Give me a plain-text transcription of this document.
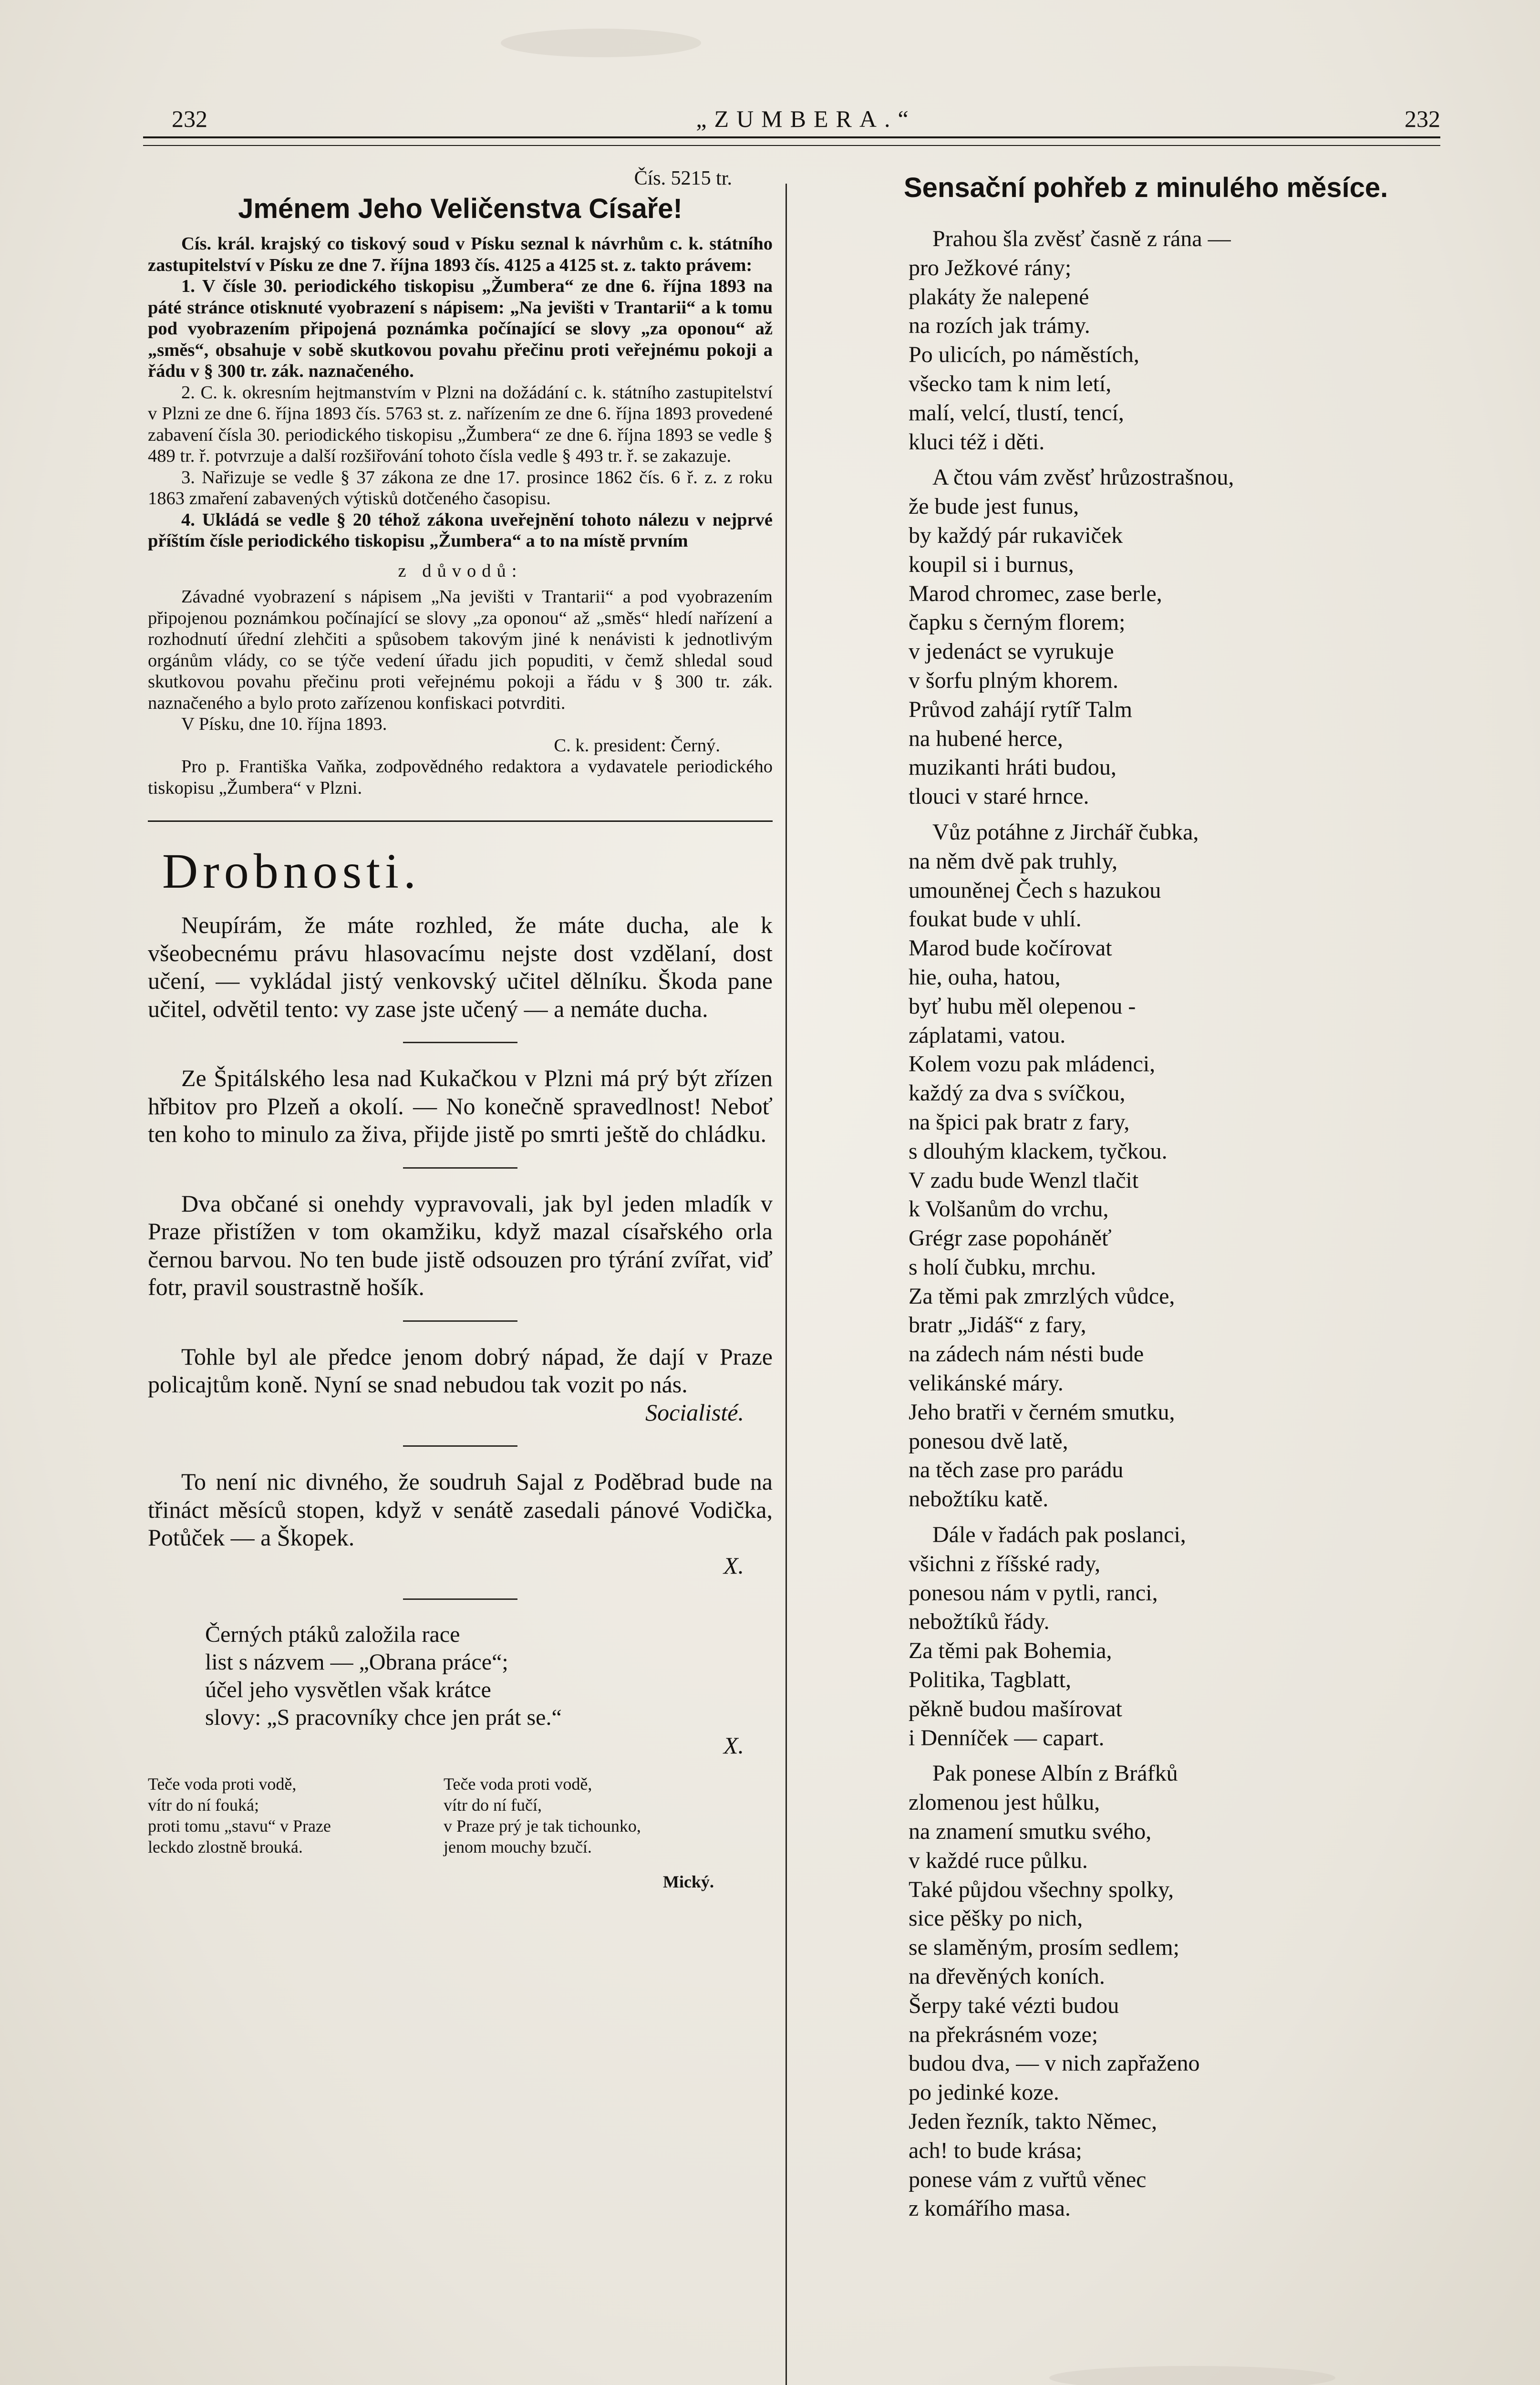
232	„ZUMBERA.“	232
Čís. 5215 tr.
Jménem Jeho Veličenstva Císaře!

Cís. král. krajský co tiskový soud v Písku seznal k návrhům c. k. státního zastupitelství v Písku ze dne 7. října 1893 čís. 4125 a 4125 st. z. takto právem:

1. V čísle 30. periodického tiskopisu „Žumbera“ ze dne 6. října 1893 na páté stránce otisknuté vyobrazení s nápisem: „Na jevišti v Trantarii“ a k tomu pod vyobrazením připojená poznámka počínající se slovy „za oponou“ až „směs“, obsahuje v sobě skutkovou povahu přečinu proti veřejnému pokoji a řádu v § 300 tr. zák. naznačeného.

2. C. k. okresním hejtmanstvím v Plzni na dožádání c. k. státního zastupitelství v Plzni ze dne 6. října 1893 čís. 5763 st. z. nařízením ze dne 6. října 1893 provedené zabavení čísla 30. periodického tiskopisu „Žumbera“ ze dne 6. října 1893 se vedle § 489 tr. ř. potvrzuje a další rozšiřování tohoto čísla vedle § 493 tr. ř. se zakazuje.

3. Nařizuje se vedle § 37 zákona ze dne 17. prosince 1862 čís. 6 ř. z. z roku 1863 zmaření zabavených výtisků dotčeného časopisu.

4. Ukládá se vedle § 20 téhož zákona uveřejnění tohoto nálezu v nejprvé příštím čísle periodického tiskopisu „Žumbera“ a to na místě prvním

z důvodů:

Závadné vyobrazení s nápisem „Na jevišti v Trantarii“ a pod vyobrazením připojenou poznámkou počínající se slovy „za oponou“ až „směs“ hledí nařízení a rozhodnutí úřední zlehčiti a spůsobem takovým jiné k nenávisti k jednotlivým orgánům vlády, co se týče vedení úřadu jich popuditi, v čemž shledal soud skutkovou povahu přečinu proti veřejnému pokoji a řádu v § 300 tr. zák. naznačeného a bylo proto zařízenou konfiskaci potvrditi.

V Písku, dne 10. října 1893.

C. k. president: Černý.

Pro p. Františka Vaňka, zodpovědného redaktora a vydavatele periodického tiskopisu „Žumbera“ v Plzni.

Drobnosti.

Neupírám, že máte rozhled, že máte ducha, ale k všeobecnému právu hlasovacímu nejste dost vzdělaní, dost učení, — vykládal jistý venkovský učitel dělníku. Škoda pane učitel, odvětil tento: vy zase jste učený — a nemáte ducha.

Ze Špitálského lesa nad Kukačkou v Plzni má prý být zřízen hřbitov pro Plzeň a okolí. — No konečně spravedlnost! Neboť ten koho to minulo za živa, přijde jistě po smrti ještě do chládku.

Dva občané si onehdy vypravovali, jak byl jeden mladík v Praze přistížen v tom okamžiku, když mazal císařského orla černou barvou. No ten bude jistě odsouzen pro týrání zvířat, viď fotr, pravil soustrastně hošík.

Tohle byl ale předce jenom dobrý nápad, že dají v Praze policajtům koně. Nyní se snad nebudou tak vozit po nás.

Socialisté.

To není nic divného, že soudruh Sajal z Poděbrad bude na třináct měsíců stopen, když v senátě zasedali pánové Vodička, Potůček — a Škopek.

X.

Černých ptáků založila race
list s názvem — „Obrana práce“;
účel jeho vysvětlen však krátce
slovy: „S pracovníky chce jen prát se.“
X.
Teče voda proti vodě,
vítr do ní fouká;
proti tomu „stavu“ v Praze
leckdo zlostně brouká.
Teče voda proti vodě,
vítr do ní fučí,
v Praze prý je tak tichounko,
jenom mouchy bzučí.
Mický.
Sensační pohřeb z minulého měsíce.
Prahou šla zvěsť časně z rána —
pro Ježkové rány;
plakáty že nalepené
na rozích jak trámy.
Po ulicích, po náměstích,
všecko tam k nim letí,
malí, velcí, tlustí, tencí,
kluci též i děti.
A čtou vám zvěsť hrůzostrašnou,
že bude jest funus,
by každý pár rukaviček
koupil si i burnus,
Marod chromec, zase berle,
čapku s černým florem;
v jedenáct se vyrukuje
v šorfu plným khorem.
Průvod zahájí rytíř Talm
na hubené herce,
muzikanti hráti budou,
tlouci v staré hrnce.
Vůz potáhne z Jirchář čubka,
na něm dvě pak truhly,
umouněnej Čech s hazukou
foukat bude v uhlí.
Marod bude kočírovat
hie, ouha, hatou,
byť hubu měl olepenou -
záplatami, vatou.
Kolem vozu pak mládenci,
každý za dva s svíčkou,
na špici pak bratr z fary,
s dlouhým klackem, tyčkou.
V zadu bude Wenzl tlačit
k Volšanům do vrchu,
Grégr zase popoháněť
s holí čubku, mrchu.
Za těmi pak zmrzlých vůdce,
bratr „Jidáš“ z fary,
na zádech nám nésti bude
velikánské máry.
Jeho bratři v černém smutku,
ponesou dvě latě,
na těch zase pro parádu
nebožtíku katě.
Dále v řadách pak poslanci,
všichni z říšské rady,
ponesou nám v pytli, ranci,
nebožtíků řády.
Za těmi pak Bohemia,
Politika, Tagblatt,
pěkně budou mašírovat
i Denníček — capart.
Pak ponese Albín z Bráfků
zlomenou jest hůlku,
na znamení smutku svého,
v každé ruce půlku.
Také půjdou všechny spolky,
sice pěšky po nich,
se slaměným, prosím sedlem;
na dřevěných koních.
Šerpy také vézti budou
na překrásném voze;
budou dva, — v nich zapřaženo
po jedinké koze.
Jeden řezník, takto Němec,
ach! to bude krása;
ponese vám z vuřtů věnec
z komářího masa.
